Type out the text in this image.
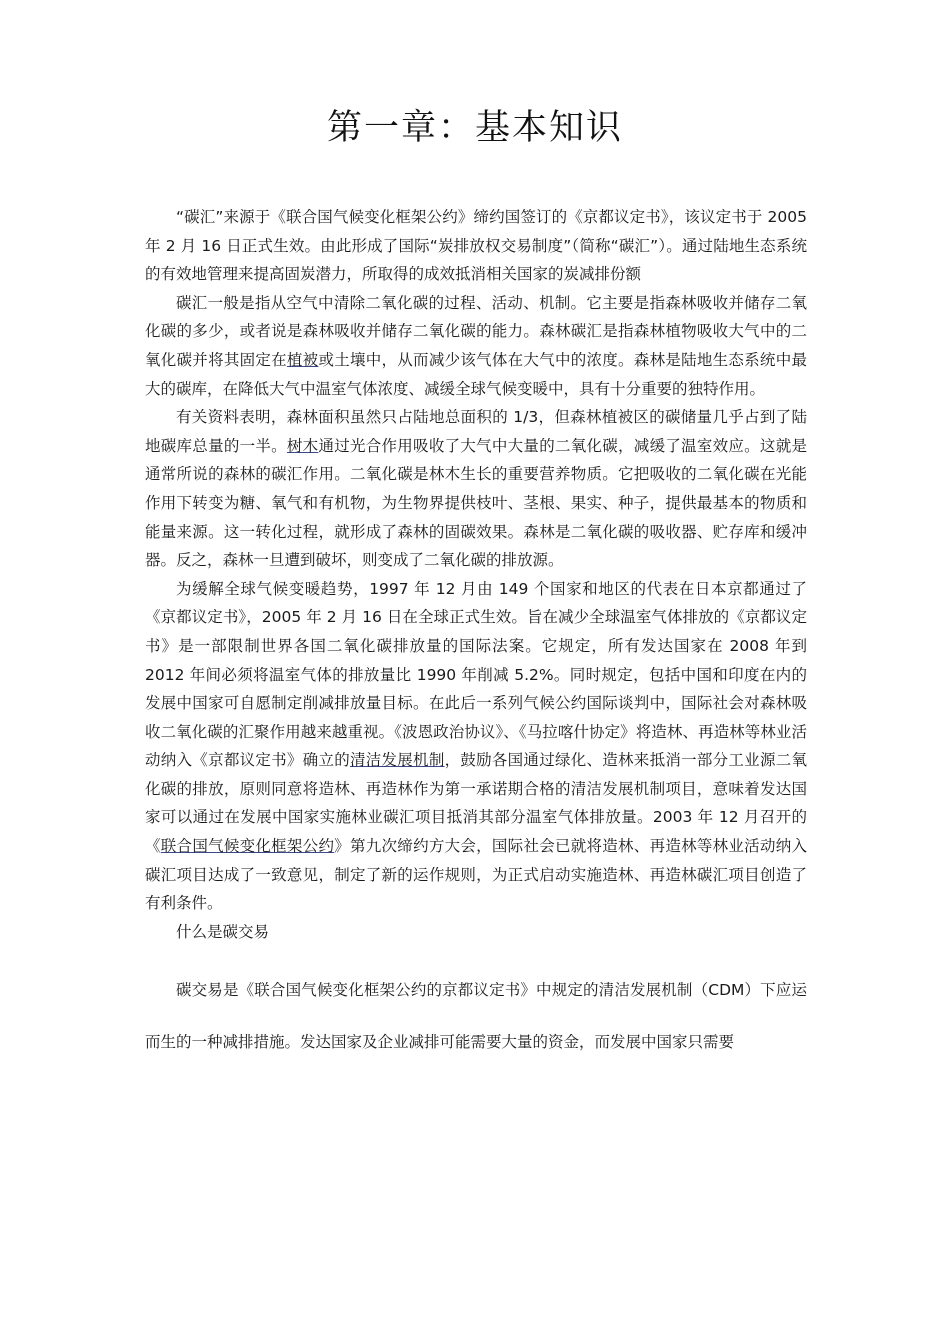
第一章：基本知识

“碳汇”来源于《联合国气候变化框架公约》缔约国签订的《京都议定书》，该议定书于 2005 年 2 月 16 日正式生效。由此形成了国际“炭排放权交易制度”（简称“碳汇”）。通过陆地生态系统的有效地管理来提高固炭潜力，所取得的成效抵消相关国家的炭减排份额

碳汇一般是指从空气中清除二氧化碳的过程、活动、机制。它主要是指森林吸收并储存二氧化碳的多少，或者说是森林吸收并储存二氧化碳的能力。森林碳汇是指森林植物吸收大气中的二氧化碳并将其固定在植被或土壤中，从而减少该气体在大气中的浓度。森林是陆地生态系统中最大的碳库，在降低大气中温室气体浓度、减缓全球气候变暖中，具有十分重要的独特作用。

有关资料表明，森林面积虽然只占陆地总面积的 1/3，但森林植被区的碳储量几乎占到了陆地碳库总量的一半。树木通过光合作用吸收了大气中大量的二氧化碳，减缓了温室效应。这就是通常所说的森林的碳汇作用。二氧化碳是林木生长的重要营养物质。它把吸收的二氧化碳在光能作用下转变为糖、氧气和有机物，为生物界提供枝叶、茎根、果实、种子，提供最基本的物质和能量来源。这一转化过程，就形成了森林的固碳效果。森林是二氧化碳的吸收器、贮存库和缓冲器。反之，森林一旦遭到破坏，则变成了二氧化碳的排放源。

为缓解全球气候变暖趋势，1997 年 12 月由 149 个国家和地区的代表在日本京都通过了《京都议定书》，2005 年 2 月 16 日在全球正式生效。旨在减少全球温室气体排放的《京都议定书》是一部限制世界各国二氧化碳排放量的国际法案。它规定，所有发达国家在 2008 年到 2012 年间必须将温室气体的排放量比 1990 年削减 5.2%。同时规定，包括中国和印度在内的发展中国家可自愿制定削减排放量目标。在此后一系列气候公约国际谈判中，国际社会对森林吸收二氧化碳的汇聚作用越来越重视。《波恩政治协议》、《马拉喀什协定》将造林、再造林等林业活动纳入《京都议定书》确立的清洁发展机制，鼓励各国通过绿化、造林来抵消一部分工业源二氧化碳的排放，原则同意将造林、再造林作为第一承诺期合格的清洁发展机制项目，意味着发达国家可以通过在发展中国家实施林业碳汇项目抵消其部分温室气体排放量。2003 年 12 月召开的《联合国气候变化框架公约》第九次缔约方大会，国际社会已就将造林、再造林等林业活动纳入碳汇项目达成了一致意见，制定了新的运作规则，为正式启动实施造林、再造林碳汇项目创造了有利条件。

什么是碳交易

碳交易是《联合国气候变化框架公约的京都议定书》中规定的清洁发展机制（CDM）下应运而生的一种减排措施。发达国家及企业减排可能需要大量的资金，而发展中国家只需要
